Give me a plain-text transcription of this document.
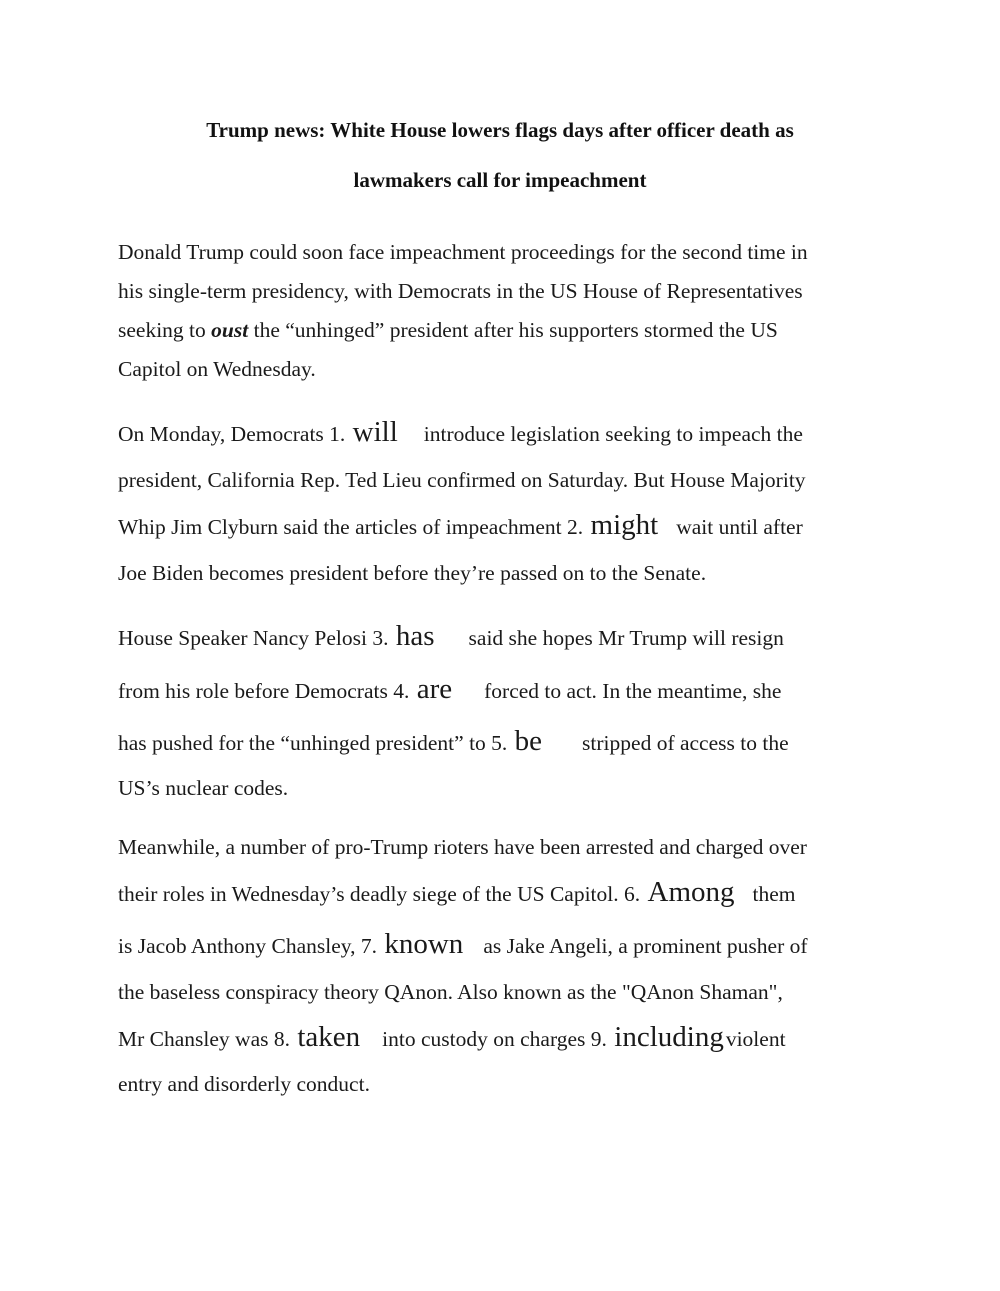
Trump news: White House lowers flags days after officer death as
lawmakers call for impeachment
Donald Trump could soon face impeachment proceedings for the second time in
his single-term presidency, with Democrats in the US House of Representatives
seeking to oust the “unhinged” president after his supporters stormed the US
Capitol on Wednesday.
On Monday, Democrats 1. will introduce legislation seeking to impeach the
president, California Rep. Ted Lieu confirmed on Saturday. But House Majority
Whip Jim Clyburn said the articles of impeachment 2. might wait until after
Joe Biden becomes president before they’re passed on to the Senate.
House Speaker Nancy Pelosi 3. has said she hopes Mr Trump will resign
from his role before Democrats 4. are forced to act. In the meantime, she
has pushed for the “unhinged president” to 5. be stripped of access to the
US’s nuclear codes.
Meanwhile, a number of pro-Trump rioters have been arrested and charged over
their roles in Wednesday’s deadly siege of the US Capitol. 6. Among them
is Jacob Anthony Chansley, 7. known as Jake Angeli, a prominent pusher of
the baseless conspiracy theory QAnon. Also known as the "QAnon Shaman",
Mr Chansley was 8. taken into custody on charges 9. includingviolent
entry and disorderly conduct.
